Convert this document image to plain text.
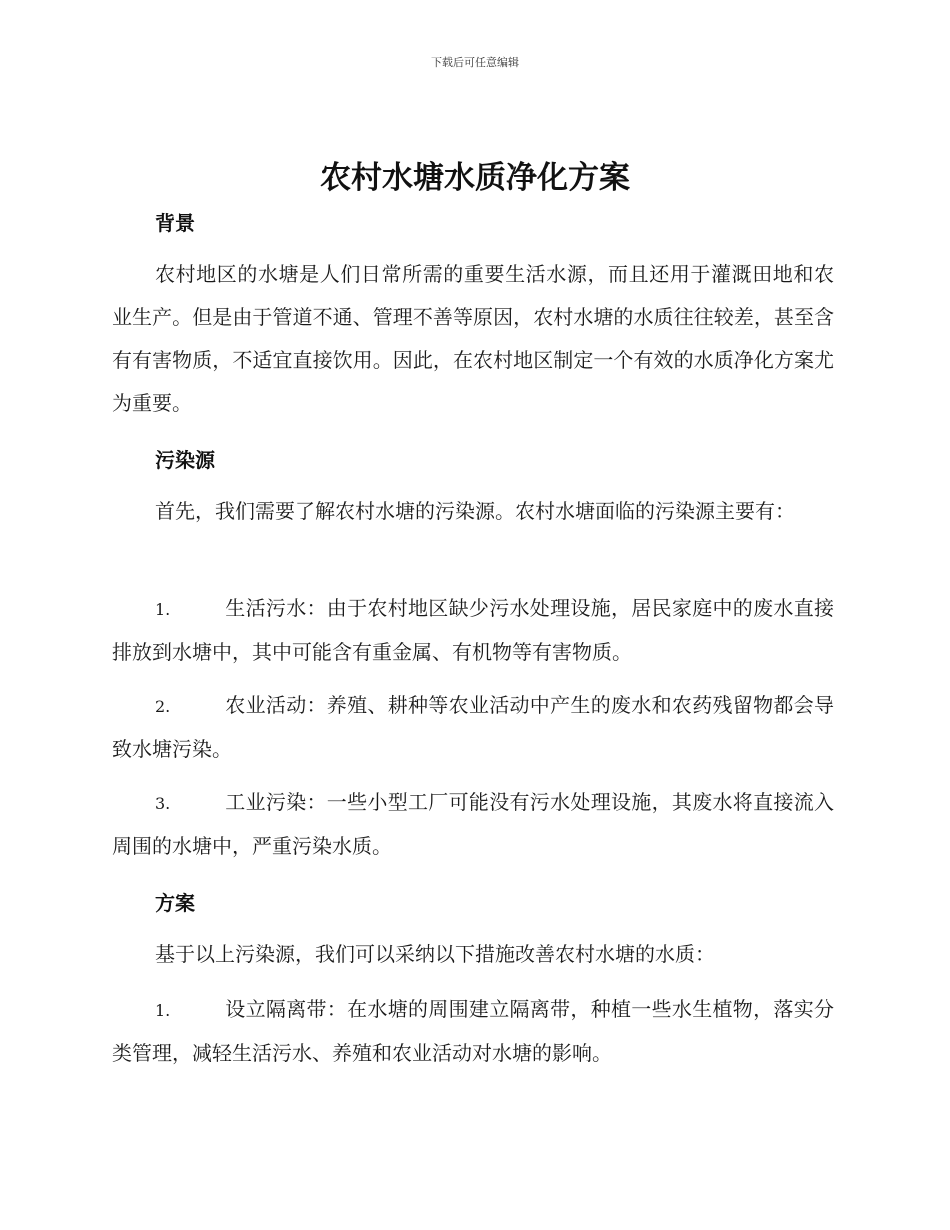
下载后可任意编辑
农村水塘水质净化方案
背景

农村地区的水塘是人们日常所需的重要生活水源，而且还用于灌溉田地和农业生产。但是由于管道不通、管理不善等原因，农村水塘的水质往往较差，甚至含有有害物质，不适宜直接饮用。因此，在农村地区制定一个有效的水质净化方案尤为重要。

污染源

首先，我们需要了解农村水塘的污染源。农村水塘面临的污染源主要有：

1.	生活污水：由于农村地区缺少污水处理设施，居民家庭中的废水直接排放到水塘中，其中可能含有重金属、有机物等有害物质。

2.	农业活动：养殖、耕种等农业活动中产生的废水和农药残留物都会导致水塘污染。

3.	工业污染：一些小型工厂可能没有污水处理设施，其废水将直接流入周围的水塘中，严重污染水质。

方案

基于以上污染源，我们可以采纳以下措施改善农村水塘的水质：

1.	设立隔离带：在水塘的周围建立隔离带，种植一些水生植物，落实分类管理，减轻生活污水、养殖和农业活动对水塘的影响。
